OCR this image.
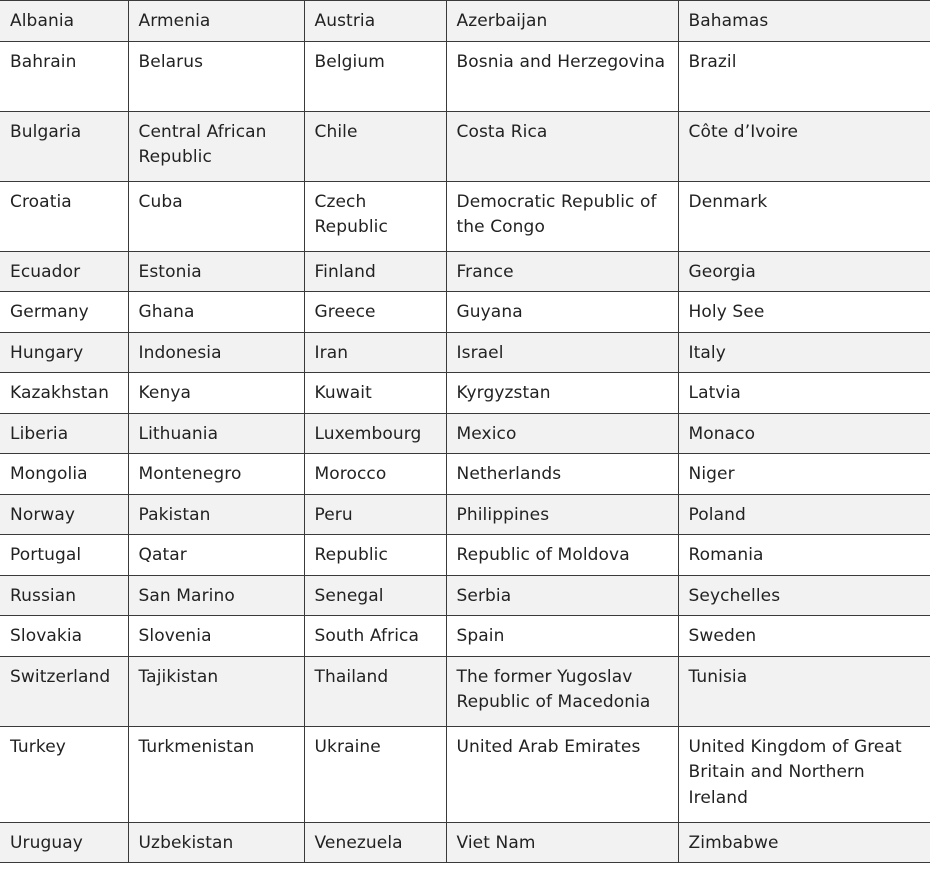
Albania	Armenia	Austria	Azerbaijan	Bahamas
Bahrain	Belarus	Belgium	Bosnia and Herzegovina	Brazil
Bulgaria	Central African Republic	Chile	Costa Rica	Côte d’Ivoire
Croatia	Cuba	Czech Republic	Democratic Republic of the Congo	Denmark
Ecuador	Estonia	Finland	France	Georgia
Germany	Ghana	Greece	Guyana	Holy See
Hungary	Indonesia	Iran	Israel	Italy
Kazakhstan	Kenya	Kuwait	Kyrgyzstan	Latvia
Liberia	Lithuania	Luxembourg	Mexico	Monaco
Mongolia	Montenegro	Morocco	Netherlands	Niger
Norway	Pakistan	Peru	Philippines	Poland
Portugal	Qatar	Republic	Republic of Moldova	Romania
Russian	San Marino	Senegal	Serbia	Seychelles
Slovakia	Slovenia	South Africa	Spain	Sweden
Switzerland	Tajikistan	Thailand	The former Yugoslav Republic of Macedonia	Tunisia
Turkey	Turkmenistan	Ukraine	United Arab Emirates	United Kingdom of Great Britain and Northern Ireland
Uruguay	Uzbekistan	Venezuela	Viet Nam	Zimbabwe
